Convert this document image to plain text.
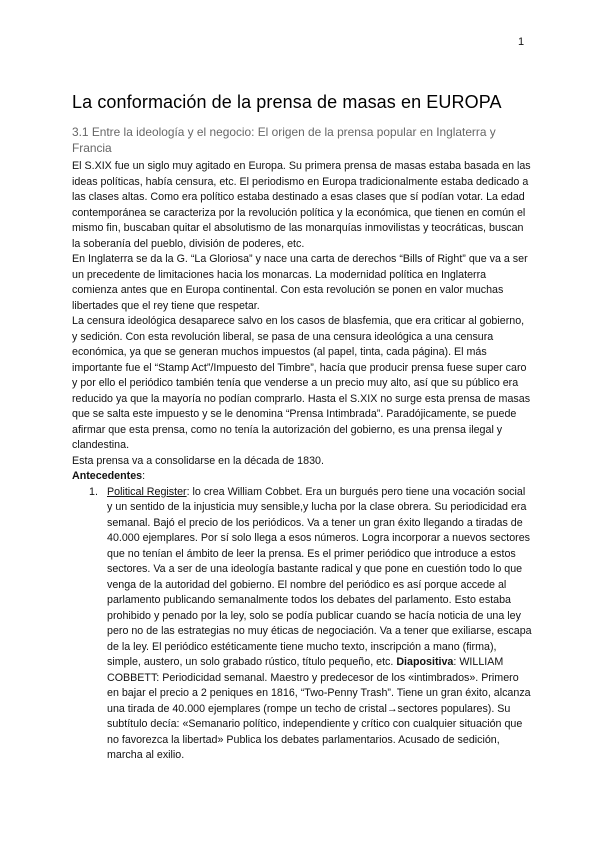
1
La conformación de la prensa de masas en EUROPA
3.1 Entre la ideología y el negocio: El origen de la prensa popular en Inglaterra y Francia

El S.XIX fue un siglo muy agitado en Europa. Su primera prensa de masas estaba basada en las ideas políticas, había censura, etc. El periodismo en Europa tradicionalmente estaba dedicado a las clases altas. Como era político estaba destinado a esas clases que sí podían votar. La edad contemporánea se caracteriza por la revolución política y la económica, que tienen en común el mismo fin, buscaban quitar el absolutismo de las monarquías inmovilistas y teocráticas, buscan la soberanía del pueblo, división de poderes, etc.

En Inglaterra se da la G. “La Gloriosa” y nace una carta de derechos “Bills of Right” que va a ser un precedente de limitaciones hacia los monarcas. La modernidad política en Inglaterra comienza antes que en Europa continental. Con esta revolución se ponen en valor muchas libertades que el rey tiene que respetar.

La censura ideológica desaparece salvo en los casos de blasfemia, que era criticar al gobierno, y sedición. Con esta revolución liberal, se pasa de una censura ideológica a una censura económica, ya que se generan muchos impuestos (al papel, tinta, cada página). El más importante fue el “Stamp Act”/Impuesto del Timbre”, hacía que producir prensa fuese super caro y por ello el periódico también tenía que venderse a un precio muy alto, así que su público era reducido ya que la mayoría no podían comprarlo. Hasta el S.XIX no surge esta prensa de masas que se salta este impuesto y se le denomina “Prensa Intimbrada”. Paradójicamente, se puede afirmar que esta prensa, como no tenía la autorización del gobierno, es una prensa ilegal y clandestina.

Esta prensa va a consolidarse en la década de 1830.

Antecedentes:

1. Political Register: lo crea William Cobbet. Era un burgués pero tiene una vocación social y un sentido de la injusticia muy sensible,y lucha por la clase obrera. Su periodicidad era semanal. Bajó el precio de los periódicos. Va a tener un gran éxito llegando a tiradas de 40.000 ejemplares. Por sí solo llega a esos números. Logra incorporar a nuevos sectores que no tenían el ámbito de leer la prensa. Es el primer periódico que introduce a estos sectores. Va a ser de una ideología bastante radical y que pone en cuestión todo lo que venga de la autoridad del gobierno. El nombre del periódico es así porque accede al parlamento publicando semanalmente todos los debates del parlamento. Esto estaba prohibido y penado por la ley, solo se podía publicar cuando se hacía noticia de una ley pero no de las estrategias no muy éticas de negociación. Va a tener que exiliarse, escapa de la ley. El periódico estéticamente tiene mucho texto, inscripción a mano (firma), simple, austero, un solo grabado rústico, título pequeño, etc. Diapositiva: WILLIAM COBBETT: Periodicidad semanal. Maestro y predecesor de los «intimbrados». Primero en bajar el precio a 2 peniques en 1816, “Two-Penny Trash”. Tiene un gran éxito, alcanza una tirada de 40.000 ejemplares (rompe un techo de cristal→sectores populares). Su subtítulo decía: «Semanario político, independiente y crítico con cualquier situación que no favorezca la libertad» Publica los debates parlamentarios. Acusado de sedición, marcha al exilio.
